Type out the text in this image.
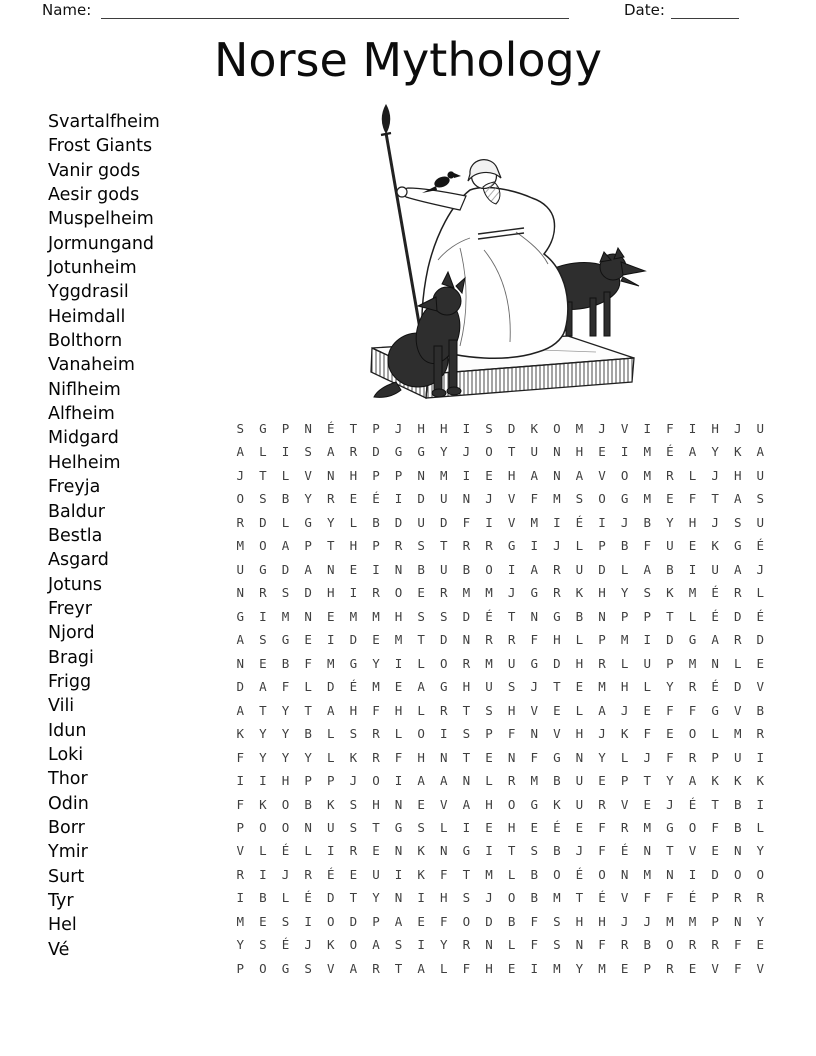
Name:	Date:
Norse Mythology
Svartalfheim
Frost Giants
Vanir gods
Aesir gods
Muspelheim
Jormungand
Jotunheim
Yggdrasil
Heimdall
Bolthorn
Vanaheim
Niflheim
Alfheim
Midgard
Helheim
Freyja
Baldur
Bestla
Asgard
Jotuns
Freyr
Njord
Bragi
Frigg
Vili
Idun
Loki
Thor
Odin
Borr
Ymir
Surt
Tyr
Hel
Vé
S	G	P	N	É	T	P	J	H	H	I	S	D	K	O	M	J	V	I	F	I	H	J	U
A	L	I	S	A	R	D	G	G	Y	J	O	T	U	N	H	E	I	M	É	A	Y	K	A
J	T	L	V	N	H	P	P	N	M	I	E	H	A	N	A	V	O	M	R	L	J	H	U
O	S	B	Y	R	E	É	I	D	U	N	J	V	F	M	S	O	G	M	E	F	T	A	S
R	D	L	G	Y	L	B	D	U	D	F	I	V	M	I	É	I	J	B	Y	H	J	S	U
M	O	A	P	T	H	P	R	S	T	R	R	G	I	J	L	P	B	F	U	E	K	G	É
U	G	D	A	N	E	I	N	B	U	B	O	I	A	R	U	D	L	A	B	I	U	A	J
N	R	S	D	H	I	R	O	E	R	M	M	J	G	R	K	H	Y	S	K	M	É	R	L
G	I	M	N	E	M	M	H	S	S	D	É	T	N	G	B	N	P	P	T	L	É	D	É
A	S	G	E	I	D	E	M	T	D	N	R	R	F	H	L	P	M	I	D	G	A	R	D
N	E	B	F	M	G	Y	I	L	O	R	M	U	G	D	H	R	L	U	P	M	N	L	E
D	A	F	L	D	É	M	E	A	G	H	U	S	J	T	E	M	H	L	Y	R	É	D	V
A	T	Y	T	A	H	F	H	L	R	T	S	H	V	E	L	A	J	E	F	F	G	V	B
K	Y	Y	B	L	S	R	L	O	I	S	P	F	N	V	H	J	K	F	E	O	L	M	R
F	Y	Y	Y	L	K	R	F	H	N	T	E	N	F	G	N	Y	L	J	F	R	P	U	I
I	I	H	P	P	J	O	I	A	A	N	L	R	M	B	U	E	P	T	Y	A	K	K	K
F	K	O	B	K	S	H	N	E	V	A	H	O	G	K	U	R	V	E	J	É	T	B	I
P	O	O	N	U	S	T	G	S	L	I	E	H	E	É	E	F	R	M	G	O	F	B	L
V	L	É	L	I	R	E	N	K	N	G	I	T	S	B	J	F	É	N	T	V	E	N	Y
R	I	J	R	É	E	U	I	K	F	T	M	L	B	O	É	O	N	M	N	I	D	O	O
I	B	L	É	D	T	Y	N	I	H	S	J	O	B	M	T	É	V	F	F	É	P	R	R
M	E	S	I	O	D	P	A	E	F	O	D	B	F	S	H	H	J	J	M	M	P	N	Y
Y	S	É	J	K	O	A	S	I	Y	R	N	L	F	S	N	F	R	B	O	R	R	F	E
P	O	G	S	V	A	R	T	A	L	F	H	E	I	M	Y	M	E	P	R	E	V	F	V
